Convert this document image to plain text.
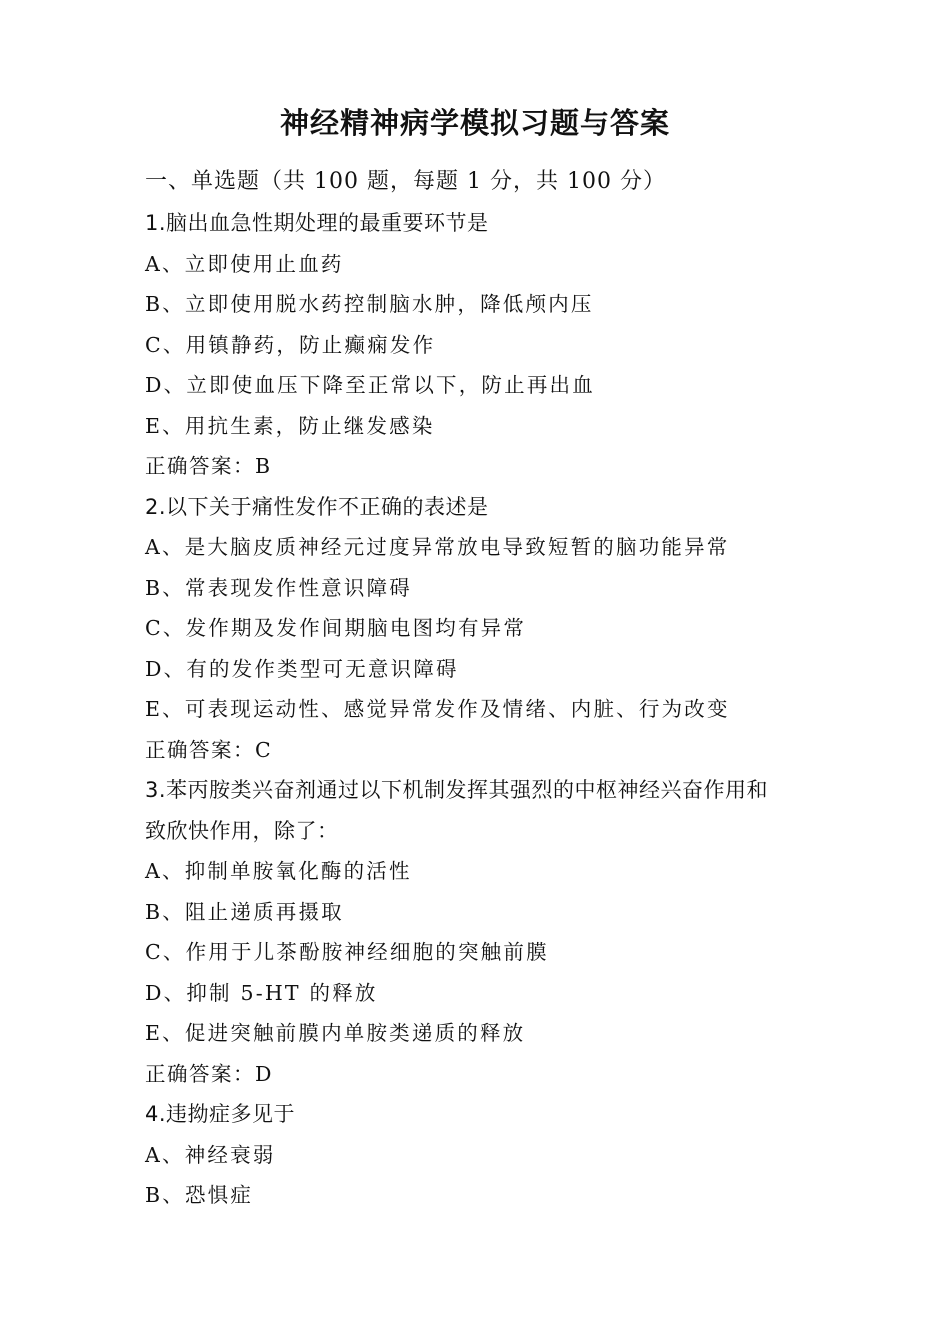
神经精神病学模拟习题与答案
一、单选题（共 100 题，每题 1 分，共 100 分）
1.脑出血急性期处理的最重要环节是
A、立即使用止血药
B、立即使用脱水药控制脑水肿，降低颅内压
C、用镇静药，防止癫痫发作
D、立即使血压下降至正常以下，防止再出血
E、用抗生素，防止继发感染
正确答案：B
2.以下关于痛性发作不正确的表述是
A、是大脑皮质神经元过度异常放电导致短暂的脑功能异常
B、常表现发作性意识障碍
C、发作期及发作间期脑电图均有异常
D、有的发作类型可无意识障碍
E、可表现运动性、感觉异常发作及情绪、内脏、行为改变
正确答案：C
3.苯丙胺类兴奋剂通过以下机制发挥其强烈的中枢神经兴奋作用和
致欣快作用，除了：
A、抑制单胺氧化酶的活性
B、阻止递质再摄取
C、作用于儿茶酚胺神经细胞的突触前膜
D、抑制 5-HT 的释放
E、促进突触前膜内单胺类递质的释放
正确答案：D
4.违拗症多见于
A、神经衰弱
B、恐惧症
